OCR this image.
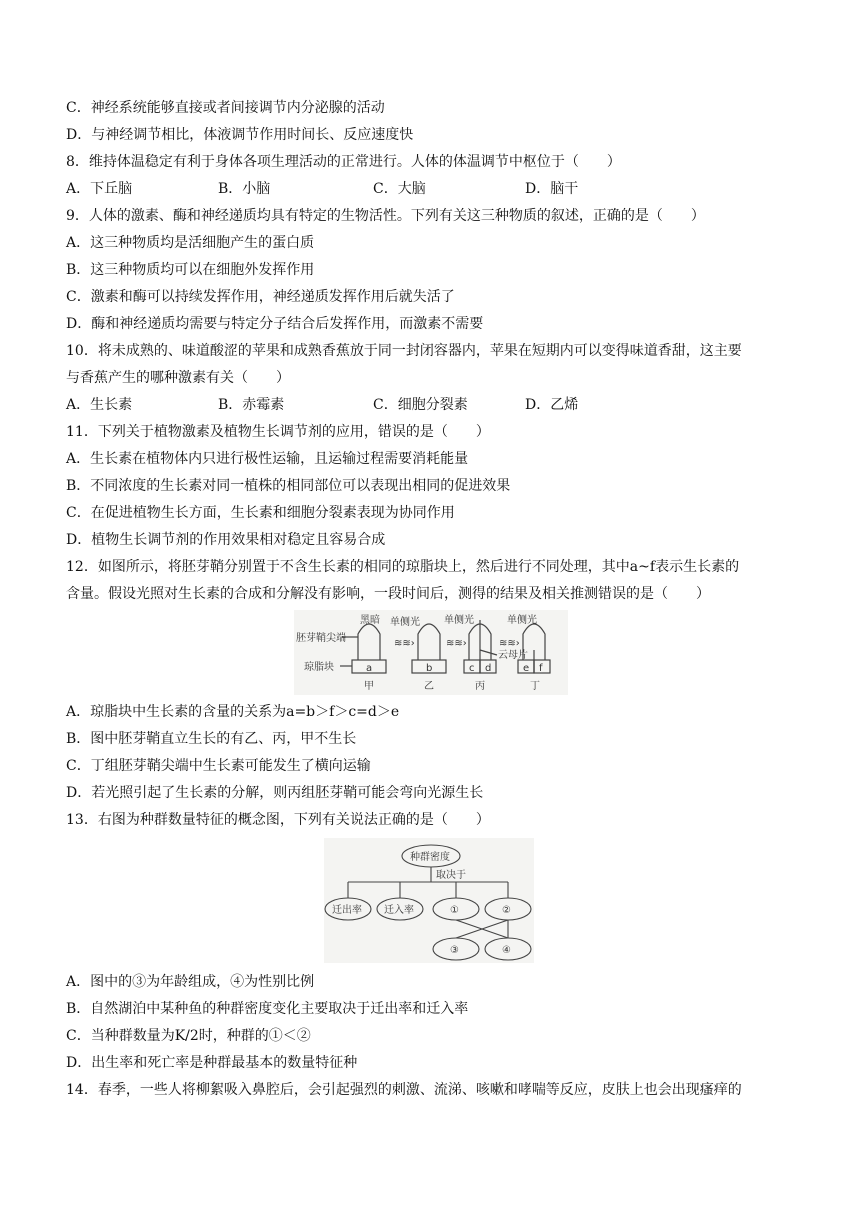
C．神经系统能够直接或者间接调节内分泌腺的活动
D．与神经调节相比，体液调节作用时间长、反应速度快
8．维持体温稳定有利于身体各项生理活动的正常进行。人体的体温调节中枢位于（　　）
A．下丘脑	B．小脑	C．大脑	D．脑干
9．人体的激素、酶和神经递质均具有特定的生物活性。下列有关这三种物质的叙述，正确的是（　　）
A．这三种物质均是活细胞产生的蛋白质
B．这三种物质均可以在细胞外发挥作用
C．激素和酶可以持续发挥作用，神经递质发挥作用后就失活了
D．酶和神经递质均需要与特定分子结合后发挥作用，而激素不需要
10．将未成熟的、味道酸涩的苹果和成熟香蕉放于同一封闭容器内，苹果在短期内可以变得味道香甜，这主要
与香蕉产生的哪种激素有关（　　）
A．生长素	B．赤霉素	C．细胞分裂素	D．乙烯
11．下列关于植物激素及植物生长调节剂的应用，错误的是（　　）
A．生长素在植物体内只进行极性运输，且运输过程需要消耗能量
B．不同浓度的生长素对同一植株的相同部位可以表现出相同的促进效果
C．在促进植物生长方面，生长素和细胞分裂素表现为协同作用
D．植物生长调节剂的作用效果相对稳定且容易合成
12．如图所示，将胚芽鞘分别置于不含生长素的相同的琼脂块上，然后进行不同处理，其中a~f表示生长素的
含量。假设光照对生长素的合成和分解没有影响，一段时间后，测得的结果及相关推测错误的是（　　）
≋≋›	≋≋›	≋≋›
黑暗 单侧光 单侧光	单侧光
胚芽鞘尖端
琼脂块
云母片
a	b	c d	e f
甲	乙	丙	丁
A．琼脂块中生长素的含量的关系为a=b＞f＞c=d＞e
B．图中胚芽鞘直立生长的有乙、丙，甲不生长
C．丁组胚芽鞘尖端中生长素可能发生了横向运输
D．若光照引起了生长素的分解，则丙组胚芽鞘可能会弯向光源生长
13．右图为种群数量特征的概念图，下列有关说法正确的是（　　）
种群密度
取决于
迁出率 迁入率	①	②
③	④
A．图中的③为年龄组成，④为性别比例
B．自然湖泊中某种鱼的种群密度变化主要取决于迁出率和迁入率
C．当种群数量为K/2时，种群的①＜②
D．出生率和死亡率是种群最基本的数量特征种
14．春季，一些人将柳絮吸入鼻腔后，会引起强烈的刺激、流涕、咳嗽和哮喘等反应，皮肤上也会出现瘙痒的
